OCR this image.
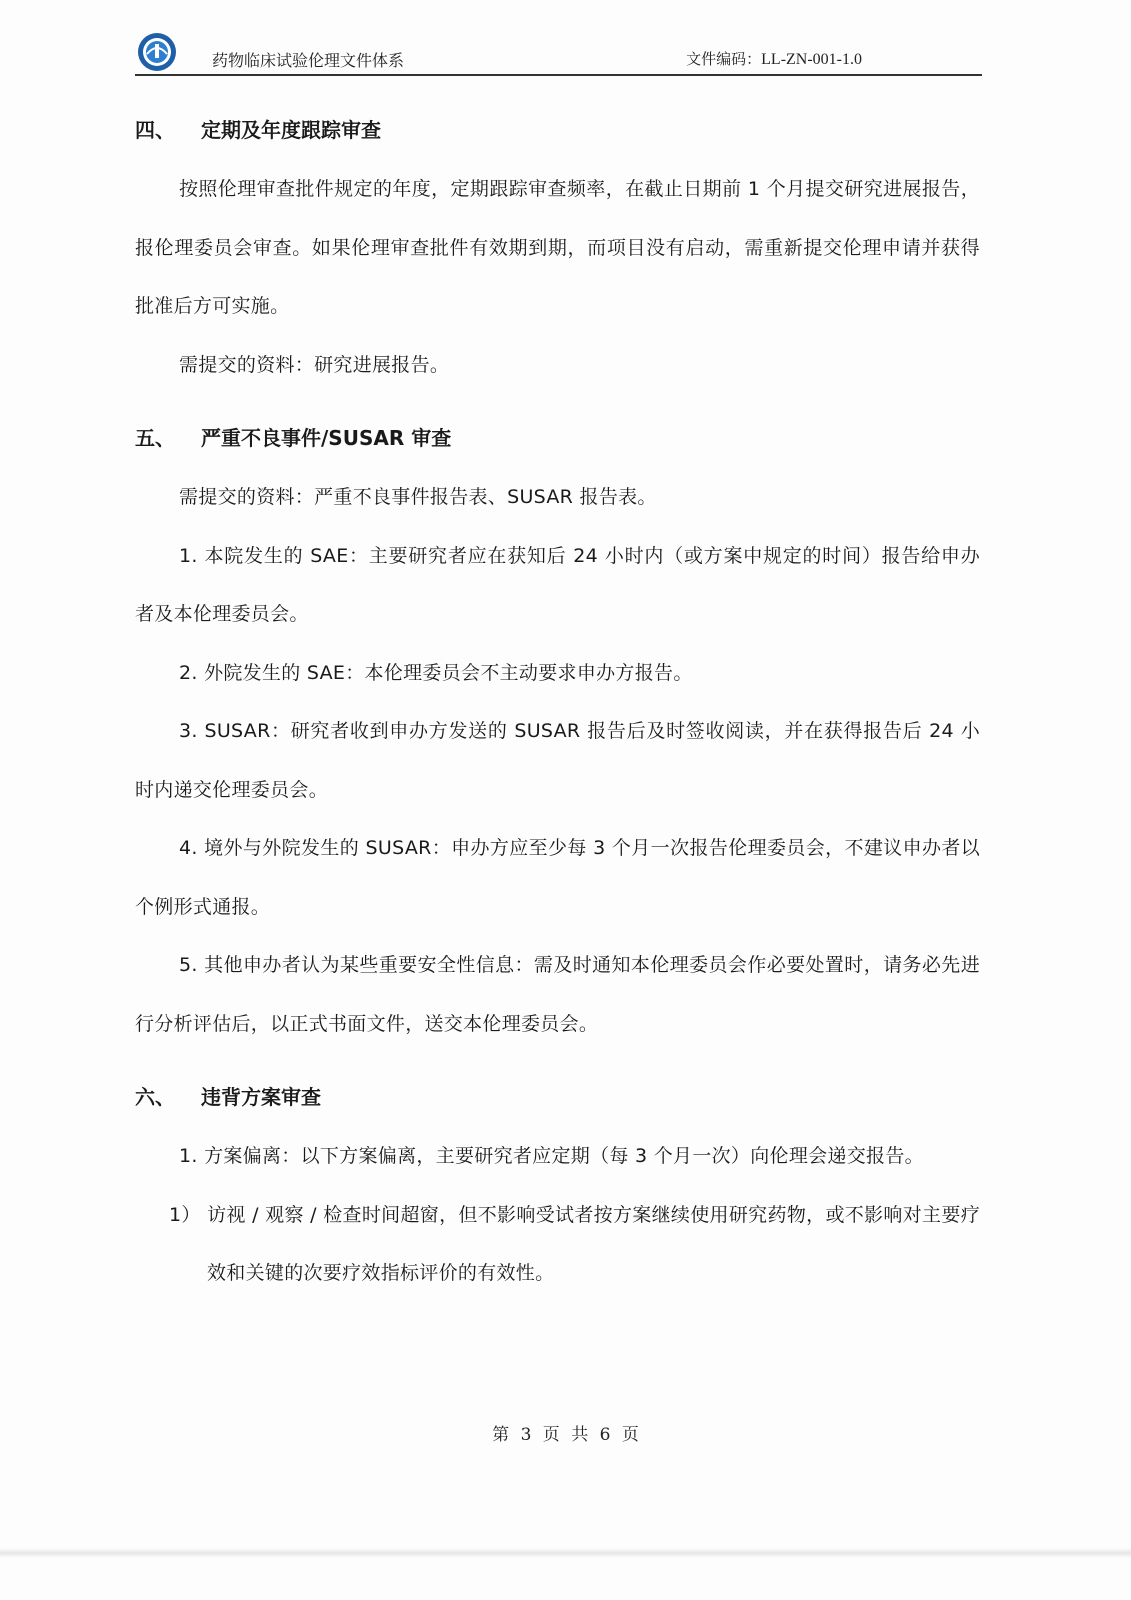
药物临床试验伦理文件体系	文件编码：LL-ZN-001-1.0
四、 定期及年度跟踪审查
按照伦理审查批件规定的年度，定期跟踪审查频率，在截止日期前 1 个月提交研究进展报告，报伦理委员会审查。如果伦理审查批件有效期到期，而项目没有启动，需重新提交伦理申请并获得批准后方可实施。
需提交的资料：研究进展报告。
五、 严重不良事件/SUSAR 审查
需提交的资料：严重不良事件报告表、SUSAR 报告表。
1. 本院发生的 SAE：主要研究者应在获知后 24 小时内（或方案中规定的时间）报告给申办者及本伦理委员会。
2. 外院发生的 SAE：本伦理委员会不主动要求申办方报告。
3. SUSAR：研究者收到申办方发送的 SUSAR 报告后及时签收阅读，并在获得报告后 24 小时内递交伦理委员会。
4. 境外与外院发生的 SUSAR：申办方应至少每 3 个月一次报告伦理委员会，不建议申办者以个例形式通报。
5. 其他申办者认为某些重要安全性信息：需及时通知本伦理委员会作必要处置时，请务必先进行分析评估后，以正式书面文件，送交本伦理委员会。
六、 违背方案审查
1. 方案偏离：以下方案偏离，主要研究者应定期（每 3 个月一次）向伦理会递交报告。
1） 访视 / 观察 / 检查时间超窗，但不影响受试者按方案继续使用研究药物，或不影响对主要疗效和关键的次要疗效指标评价的有效性。
第 3 页 共 6 页
